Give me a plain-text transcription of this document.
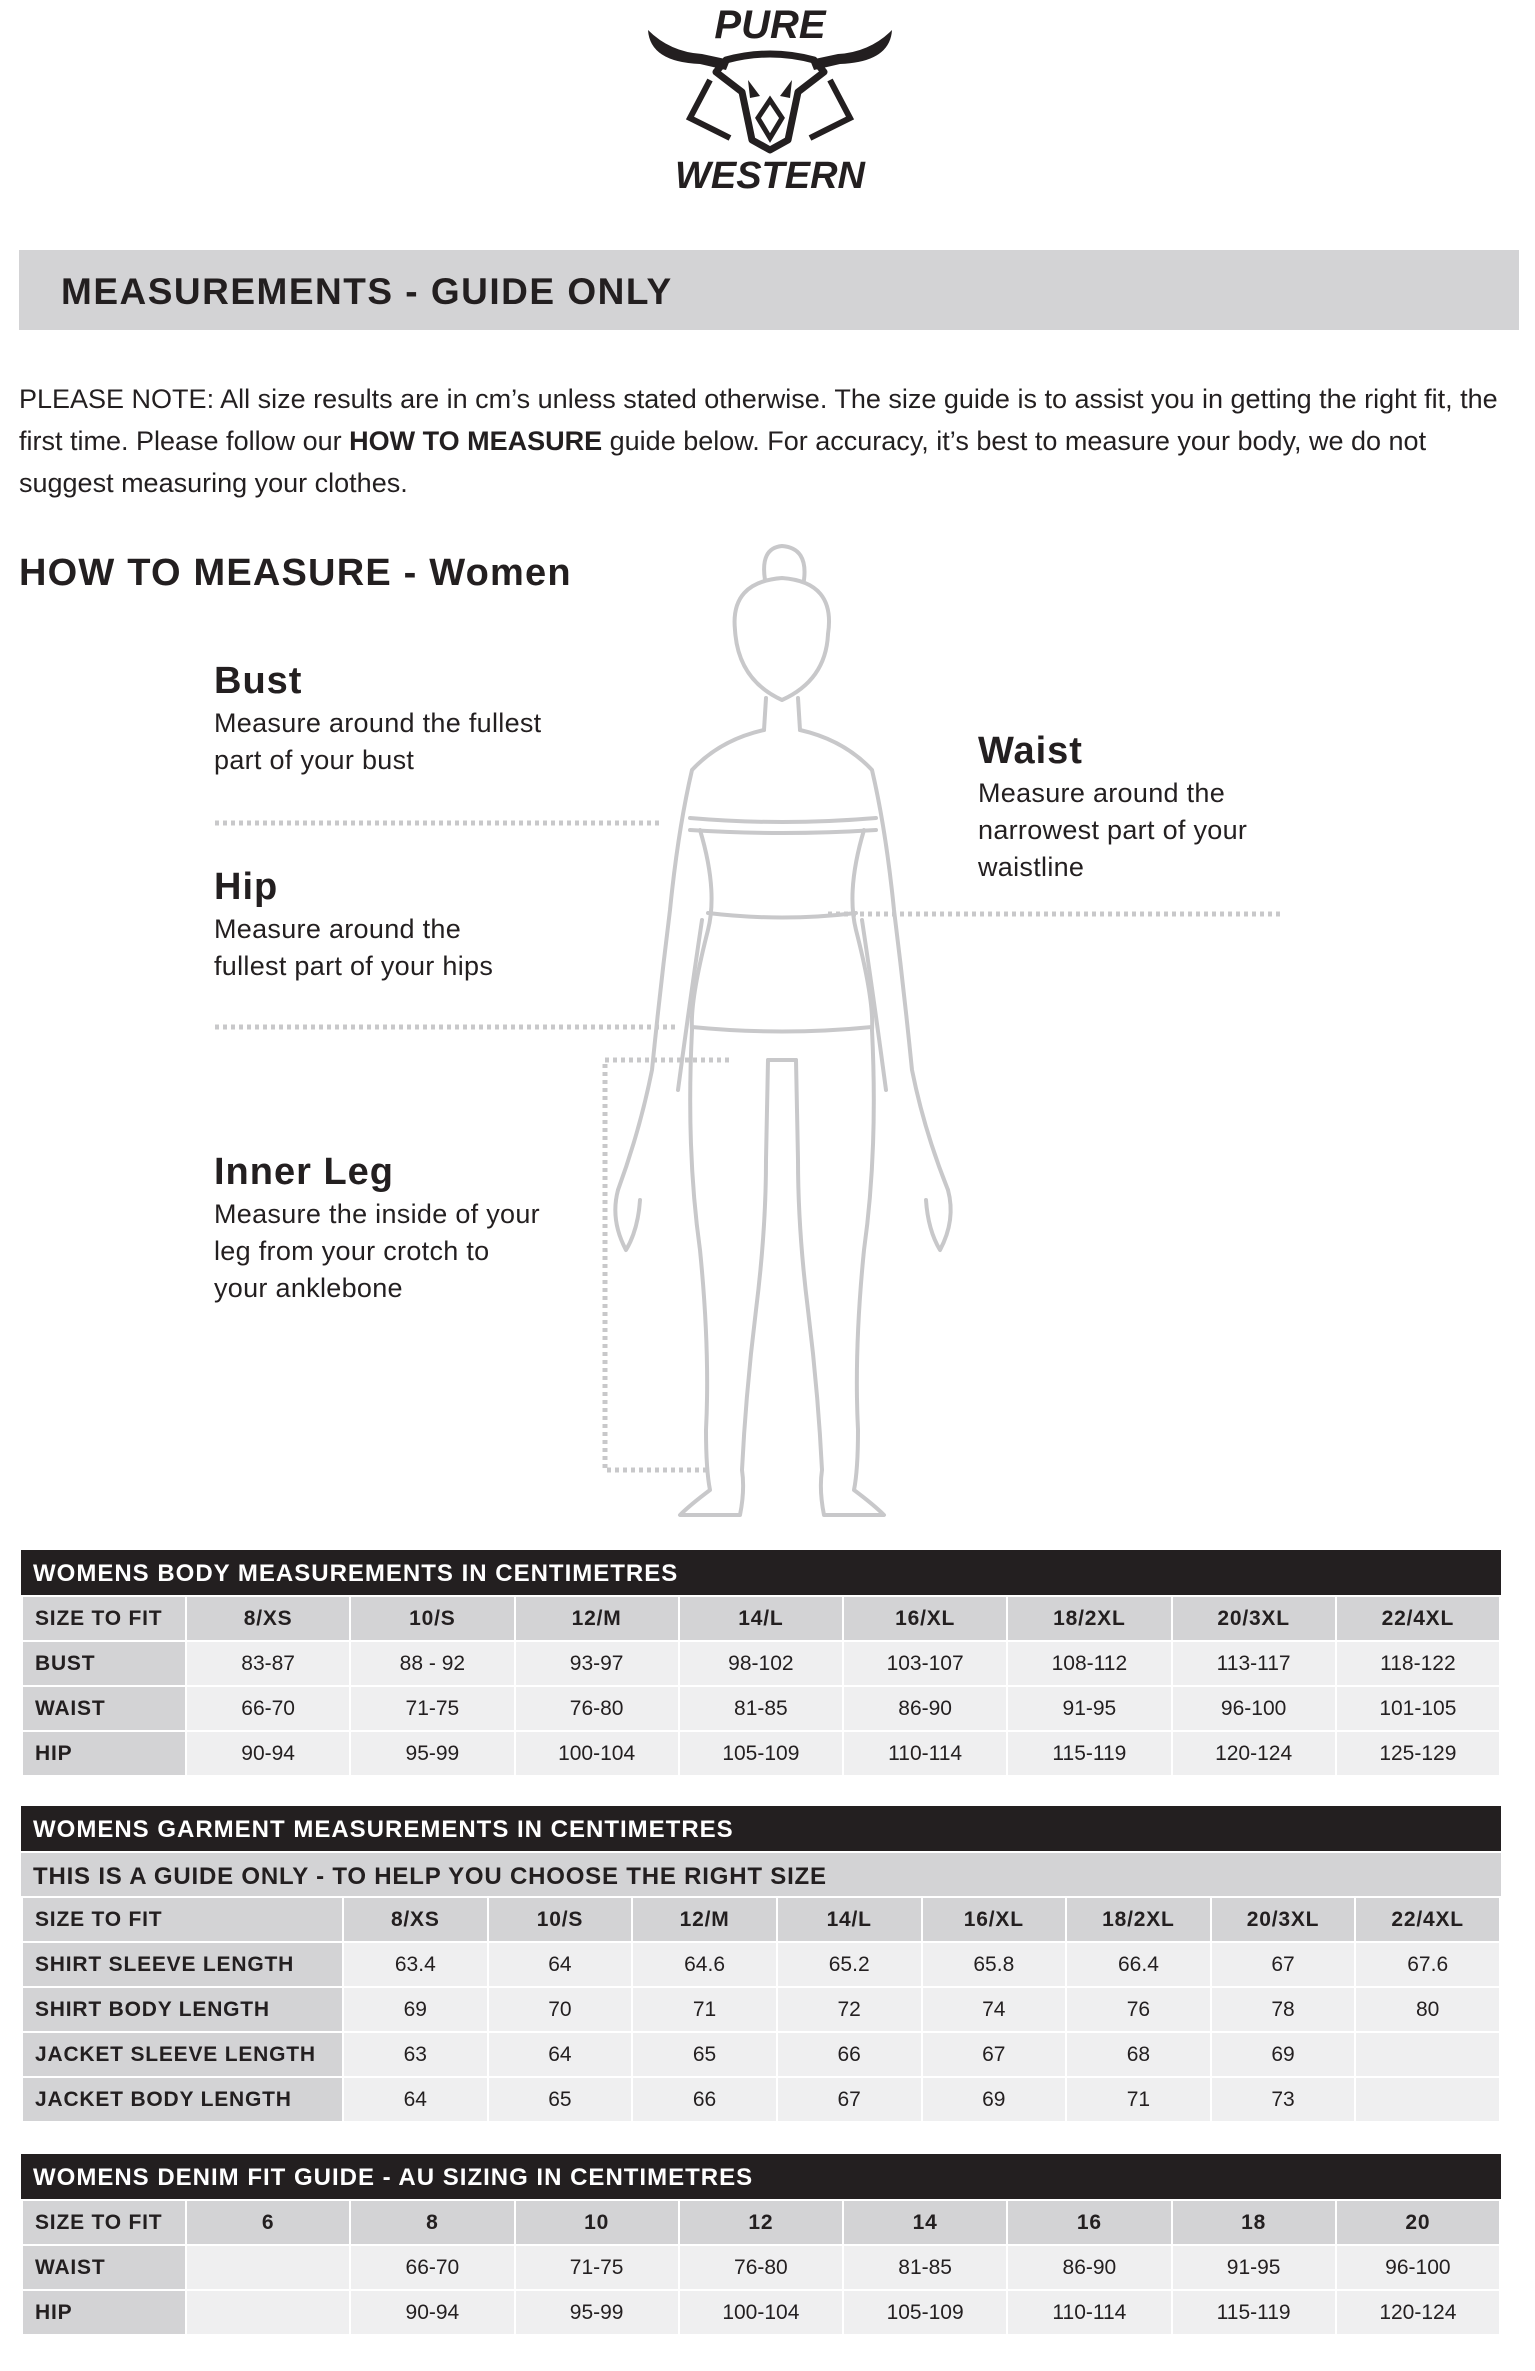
PURE
WESTERN
MEASUREMENTS - GUIDE ONLY

PLEASE NOTE: All size results are in cm’s unless stated otherwise. The size guide is to assist you in getting the right fit, the first time. Please follow our HOW TO MEASURE guide below. For accuracy, it’s best to measure your body, we do not suggest measuring your clothes.

HOW TO MEASURE - Women
Bust
Measure around the fullest
part of your bust
Hip
Measure around the
fullest part of your hips
Waist
Measure around the
narrowest part of your
waistline
Inner Leg
Measure the inside of your
leg from your crotch to
your anklebone
WOMENS BODY MEASUREMENTS IN CENTIMETRES
SIZE TO FIT	8/XS	10/S	12/M	14/L	16/XL	18/2XL	20/3XL	22/4XL
BUST	83-87	88 - 92	93-97	98-102	103-107	108-112	113-117	118-122
WAIST	66-70	71-75	76-80	81-85	86-90	91-95	96-100	101-105
HIP	90-94	95-99	100-104	105-109	110-114	115-119	120-124	125-129
WOMENS GARMENT MEASUREMENTS IN CENTIMETRES
THIS IS A GUIDE ONLY - TO HELP YOU CHOOSE THE RIGHT SIZE
SIZE TO FIT	8/XS	10/S	12/M	14/L	16/XL	18/2XL	20/3XL	22/4XL
SHIRT SLEEVE LENGTH	63.4	64	64.6	65.2	65.8	66.4	67	67.6
SHIRT BODY LENGTH	69	70	71	72	74	76	78	80
JACKET SLEEVE LENGTH	63	64	65	66	67	68	69	
JACKET BODY LENGTH	64	65	66	67	69	71	73	
WOMENS DENIM FIT GUIDE - AU SIZING IN CENTIMETRES
SIZE TO FIT	6	8	10	12	14	16	18	20
WAIST		66-70	71-75	76-80	81-85	86-90	91-95	96-100
HIP		90-94	95-99	100-104	105-109	110-114	115-119	120-124
